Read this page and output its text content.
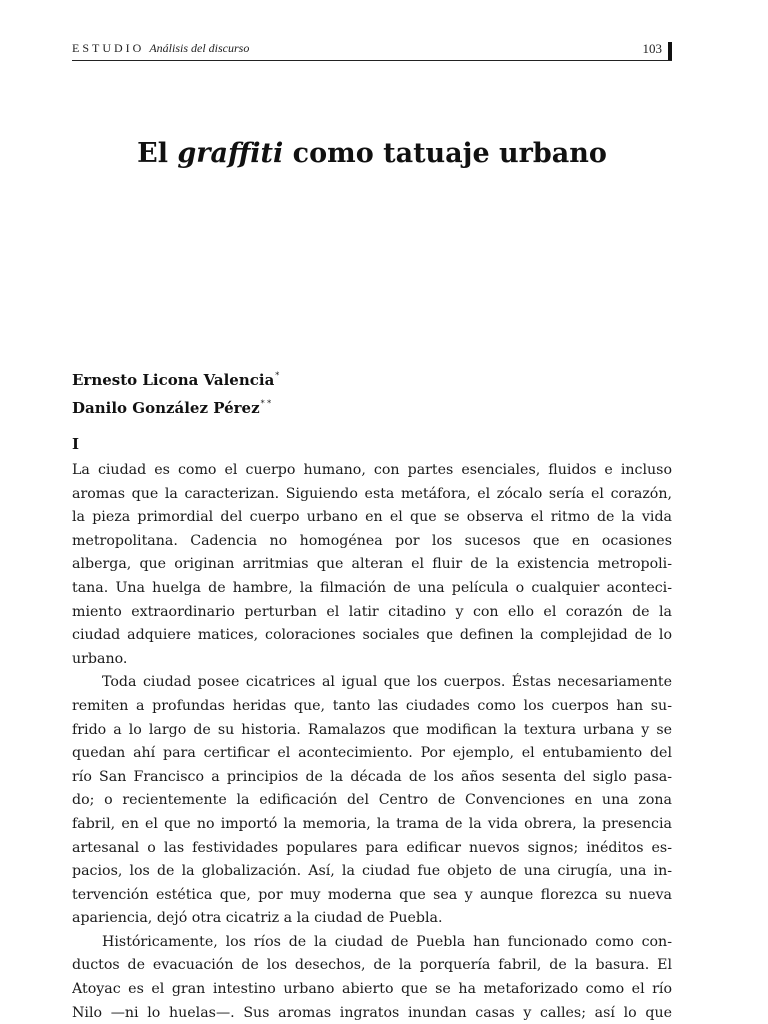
ESTUDIO Análisis del discurso	103
El graffiti como tatuaje urbano
Ernesto Licona Valencia*
Danilo González Pérez* *
I
La ciudad es como el cuerpo humano, con partes esenciales, fluidos e incluso
aromas que la caracterizan. Siguiendo esta metáfora, el zócalo sería el corazón,
la pieza primordial del cuerpo urbano en el que se observa el ritmo de la vida
metropolitana. Cadencia no homogénea por los sucesos que en ocasiones
alberga, que originan arritmias que alteran el fluir de la existencia metropoli-
tana. Una huelga de hambre, la filmación de una película o cualquier aconteci-
miento extraordinario perturban el latir citadino y con ello el corazón de la
ciudad adquiere matices, coloraciones sociales que definen la complejidad de lo
urbano.
Toda ciudad posee cicatrices al igual que los cuerpos. Éstas necesariamente
remiten a profundas heridas que, tanto las ciudades como los cuerpos han su-
frido a lo largo de su historia. Ramalazos que modifican la textura urbana y se
quedan ahí para certificar el acontecimiento. Por ejemplo, el entubamiento del
río San Francisco a principios de la década de los años sesenta del siglo pasa-
do; o recientemente la edificación del Centro de Convenciones en una zona
fabril, en el que no importó la memoria, la trama de la vida obrera, la presencia
artesanal o las festividades populares para edificar nuevos signos; inéditos es-
pacios, los de la globalización. Así, la ciudad fue objeto de una cirugía, una in-
tervención estética que, por muy moderna que sea y aunque florezca su nueva
apariencia, dejó otra cicatriz a la ciudad de Puebla.
Históricamente, los ríos de la ciudad de Puebla han funcionado como con-
ductos de evacuación de los desechos, de la porquería fabril, de la basura. El
Atoyac es el gran intestino urbano abierto que se ha metaforizado como el río
Nilo —ni lo huelas—. Sus aromas ingratos inundan casas y calles; así lo que
